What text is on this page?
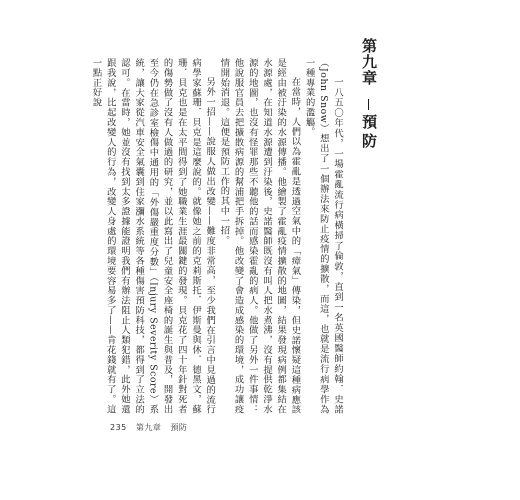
第九章
預防

一八五〇年代，一場霍亂流行病橫掃了倫敦，直到一名英國醫師約翰．史諾（John Snow）想出了一個辦法來防止疫情的擴散，而這，也就是流行病學作為一種專業的濫觴。

在當時，人們以為霍亂是透過空氣中的「瘴氣」傳染，但史諾懷疑這種病應該是經由被汙染的水源傳播。他繪製了霍亂疫情擴散的地圖，結果發現病例都集結在水源處，在知道水源遭到汙染後，史諾醫師既沒有叫人把水煮沸，沒有提供乾淨水源的地圖，也沒有怪罪那些不聽他的話而感染霍亂的病人。他做了另外一件事情：他說服官員去把擴散病源的幫浦把手拆掉。他改變了會造成感染的環境，成功讓疫情開始消退。這便是預防工作的其中一招。

另外一招——說服人做出改變——難度非常高，至少我們在引言中見過的流行病學家蘇珊．貝克是這麼說的。就像她之前的克莉斯托．伊斯曼與休．德黑文，蘇珊．貝克也是在太平間得到了她職業生涯最關鍵的發現。貝克花了四十年針對死者的傷勢做了沒有人做過的研究，並以此寫出了兒童安全座椅的誕生與普及，開發出至今仍在急診室檢傷中通用的「外傷嚴重度分數」（Injury Severity Score）系統，讓大家從汽車安全氣囊到住家瀰水系統等各種傷害預防科技，都得到了立法的認可。在當時，她並沒有找到太多證據能證明我們有辦法阻止人類犯錯，此外她還跟我說，比起改變人的行為，改變人身處的環境要容易多了——肯花錢就有了。這一點正好說

235 第九章 預防
